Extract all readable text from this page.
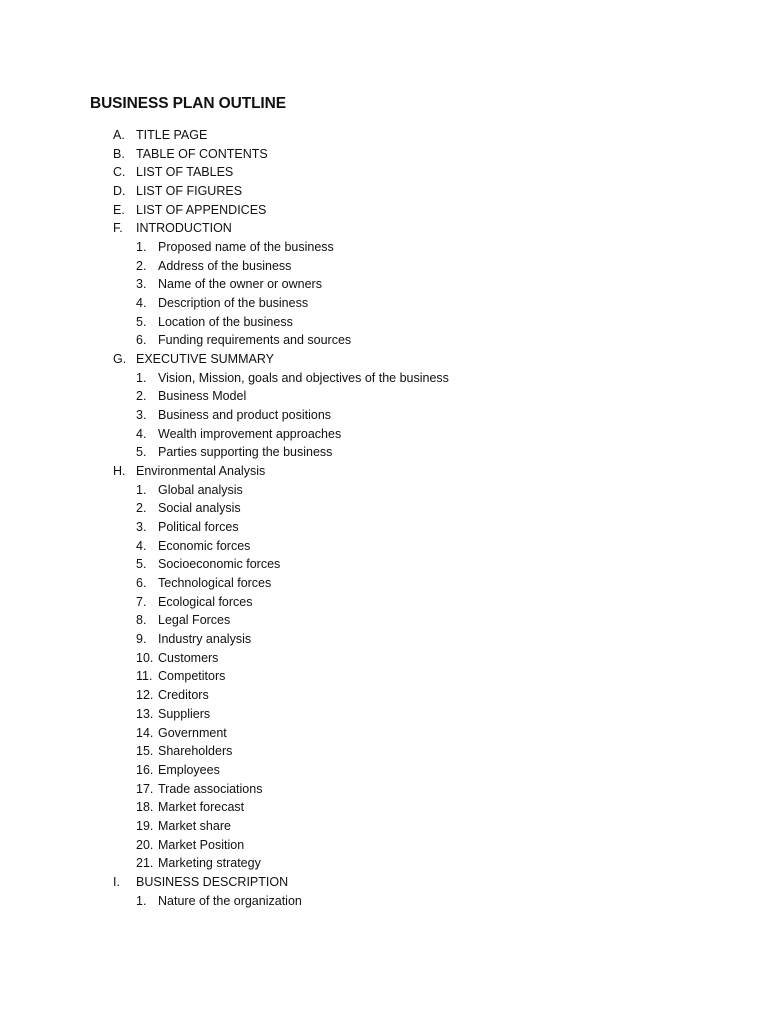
BUSINESS PLAN OUTLINE
A. TITLE PAGE
B. TABLE OF CONTENTS
C. LIST OF TABLES
D. LIST OF FIGURES
E. LIST OF APPENDICES
F. INTRODUCTION
1. Proposed name of the business
2. Address of the business
3. Name of the owner or owners
4. Description of the business
5. Location of the business
6. Funding requirements and sources
G. EXECUTIVE SUMMARY
1. Vision, Mission, goals and objectives of the business
2. Business Model
3. Business and product positions
4. Wealth improvement approaches
5. Parties supporting the business
H. Environmental Analysis
1. Global analysis
2. Social analysis
3. Political forces
4. Economic forces
5. Socioeconomic forces
6. Technological forces
7. Ecological forces
8. Legal Forces
9. Industry analysis
10. Customers
11. Competitors
12. Creditors
13. Suppliers
14. Government
15. Shareholders
16. Employees
17. Trade associations
18. Market forecast
19. Market share
20. Market Position
21. Marketing strategy
I. BUSINESS DESCRIPTION
1. Nature of the organization
